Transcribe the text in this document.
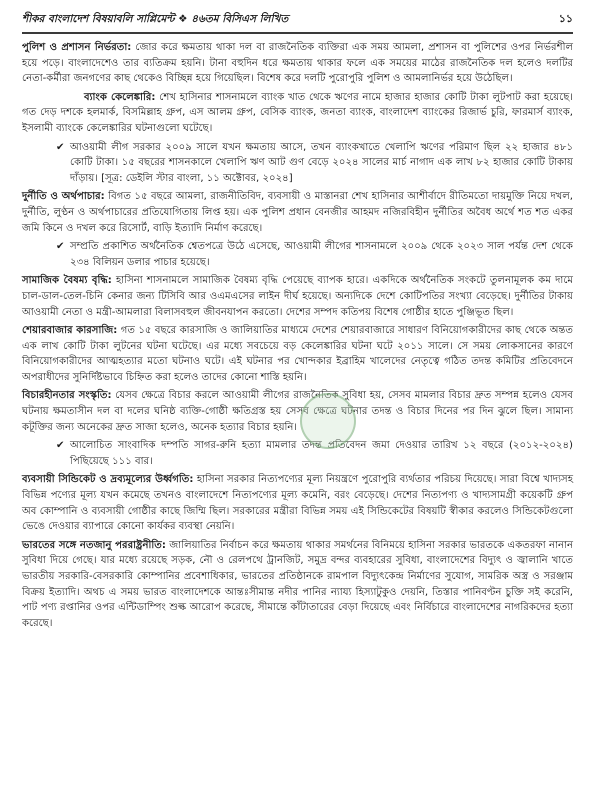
শীকর বাংলাদেশ বিষয়াবলি সাপ্লিমেন্ট ❖ ৪৬তম বিসিএস লিখিত	১১

পুলিশ ও প্রশাসন নির্ভরতা: জোর করে ক্ষমতায় থাকা দল বা রাজনৈতিক ব্যক্তিরা এক সময় আমলা, প্রশাসন বা পুলিশের ওপর নির্ভরশীল হয়ে পড়ে। বাংলাদেশেও তার ব্যতিক্রম হয়নি। টানা বহুদিন ধরে ক্ষমতায় থাকার ফলে এক সময়ের মাঠের রাজনৈতিক দল হলেও দলটির নেতা-কর্মীরা জনগণের কাছ থেকেও বিচ্ছিন্ন হয়ে গিয়েছিল। বিশেষ করে দলটি পুরোপুরি পুলিশ ও আমলানির্ভর হয়ে উঠেছিল।

ব্যাংক কেলেঙ্কারি: শেখ হাসিনার শাসনামলে ব্যাংক খাত থেকে ঋণের নামে হাজার হাজার কোটি টাকা লুটপাট করা হয়েছে। গত দেড় দশকে হলমার্ক, বিসমিল্লাহ গ্রুপ, এস আলম গ্রুপ, বেসিক ব্যাংক, জনতা ব্যাংক, বাংলাদেশ ব্যাংকের রিজার্ভ চুরি, ফারমার্স ব্যাংক, ইসলামী ব্যাংকে কেলেঙ্কারির ঘটনাগুলো ঘটেছে।

✔ আওয়ামী লীগ সরকার ২০০৯ সালে যখন ক্ষমতায় আসে, তখন ব্যাংকখাতে খেলাপি ঋণের পরিমাণ ছিল ২২ হাজার ৪৮১ কোটি টাকা। ১৫ বছরের শাসনকালে খেলাপি ঋণ আট গুণ বেড়ে ২০২৪ সালের মার্চ নাগাদ এক লাখ ৮২ হাজার কোটি টাকায় দাঁড়ায়। [সূত্র: ডেইলি স্টার বাংলা, ১১ অক্টোবর, ২০২৪]

দুর্নীতি ও অর্থপাচার: বিগত ১৫ বছরে আমলা, রাজনীতিবিদ, ব্যবসায়ী ও মাস্তানরা শেখ হাসিনার আশীর্বাদে রীতিমতো দায়মুক্তি নিয়ে দখল, দুর্নীতি, লুণ্ঠন ও অর্থপাচারের প্রতিযোগিতায় লিপ্ত হয়। এক পুলিশ প্রধান বেনজীর আহমদ নজিরবিহীন দুর্নীতির অবৈধ অর্থে শত শত একর জমি কিনে ও দখল করে রিসোর্ট, বাড়ি ইত্যাদি নির্মাণ করেছে।

✔ সম্প্রতি প্রকাশিত অর্থনৈতিক শ্বেতপত্রে উঠে এসেছে, আওয়ামী লীগের শাসনামলে ২০০৯ থেকে ২০২৩ সাল পর্যন্ত দেশ থেকে ২৩৪ বিলিয়ন ডলার পাচার হয়েছে।

সামাজিক বৈষম্য বৃদ্ধি: হাসিনা শাসনামলে সামাজিক বৈষম্য বৃদ্ধি পেয়েছে ব্যাপক হারে। একদিকে অর্থনৈতিক সংকটে তুলনামূলক কম দামে চাল-ডাল-তেল-চিনি কেনার জন্য টিসিবি আর ওএমএসের লাইন দীর্ঘ হয়েছে। অন্যদিকে দেশে কোটিপতির সংখ্যা বেড়েছে। দুর্নীতির টাকায় আওয়ামী নেতা ও মন্ত্রী-আমলারা বিলাসবহুল জীবনযাপন করতো। দেশের সম্পদ কতিপয় বিশেষ গোষ্ঠীর হাতে পুঞ্জিভূত ছিল।

শেয়ারবাজার কারসাজি: গত ১৫ বছরে কারসাজি ও জালিয়াতির মাধ্যমে দেশের শেয়ারবাজারে সাধারণ বিনিয়োগকারীদের কাছ থেকে অন্তত এক লাখ কোটি টাকা লুটনের ঘটনা ঘটেছে। এর মধ্যে সবচেয়ে বড় কেলেঙ্কারির ঘটনা ঘটে ২০১১ সালে। সে সময় লোকসানের কারণে বিনিয়োগকারীদের আত্মহত্যার মতো ঘটনাও ঘটে। এই ঘটনার পর খোন্দকার ইব্রাহিম খালেদের নেতৃত্বে গঠিত তদন্ত কমিটির প্রতিবেদনে অপরাধীদের সুনির্দিষ্টভাবে চিহ্নিত করা হলেও তাদের কোনো শাস্তি হয়নি।

বিচারহীনতার সংস্কৃতি: যেসব ক্ষেত্রে বিচার করলে আওয়ামী লীগের রাজনৈতিক সুবিধা হয়, সেসব মামলার বিচার দ্রুত সম্পন্ন হলেও যেসব ঘটনায় ক্ষমতাসীন দল বা দলের ঘনিষ্ঠ ব্যক্তি-গোষ্ঠী ক্ষতিগ্রস্ত হয় সেসব ক্ষেত্রে ঘটনার তদন্ত ও বিচার দিনের পর দিন ঝুলে ছিল। সামান্য কটূক্তির জন্য অনেকের দ্রুত সাজা হলেও, অনেক হত্যার বিচার হয়নি।

✔ আলোচিত সাংবাদিক দম্পতি সাগর-রুনি হত্যা মামলার তদন্ত প্রতিবেদন জমা দেওয়ার তারিখ ১২ বছরে (২০১২-২০২৪) পিছিয়েছে ১১১ বার।

ব্যবসায়ী সিন্ডিকেট ও দ্রব্যমূল্যের উর্ধ্বগতি: হাসিনা সরকার নিত্যপণ্যের মূল্য নিয়ন্ত্রণে পুরোপুরি ব্যর্থতার পরিচয় দিয়েছে। সারা বিশ্বে খাদ্যসহ বিভিন্ন পণ্যের মূল্য যখন কমেছে তখনও বাংলাদেশে নিত্যপণ্যের মূল্য কমেনি, বরং বেড়েছে। দেশের নিত্যপণ্য ও খাদ্যসামগ্রী কয়েকটি গ্রুপ অব কোম্পানি ও ব্যবসায়ী গোষ্ঠীর কাছে জিম্মি ছিল। সরকারের মন্ত্রীরা বিভিন্ন সময় এই সিন্ডিকেটের বিষয়টি স্বীকার করলেও সিন্ডিকেটগুলো ভেঙে দেওয়ার ব্যাপারে কোনো কার্যকর ব্যবস্থা নেয়নি।

ভারতের সঙ্গে নতজানু পররাষ্ট্রনীতি: জালিয়াতির নির্বাচন করে ক্ষমতায় থাকার সমর্থনের বিনিময়ে হাসিনা সরকার ভারতকে একতরফা নানান সুবিধা দিয়ে গেছে। যার মধ্যে রয়েছে সড়ক, নৌ ও রেলপথে ট্রানজিট, সমুদ্র বন্দর ব্যবহারের সুবিধা, বাংলাদেশের বিদ্যুৎ ও জ্বালানি খাতে ভারতীয় সরকারি-বেসরকারি কোম্পানির প্রবেশাধিকার, ভারতের প্রতিষ্ঠানকে রামপাল বিদ্যুৎকেন্দ্র নির্মাণের সুযোগ, সামরিক অস্ত্র ও সরঞ্জাম বিক্রয় ইত্যাদি। অথচ এ সময় ভারত বাংলাদেশকে আন্তঃসীমান্ত নদীর পানির ন্যায্য হিস্যাটুকুও দেয়নি, তিস্তার পানিবণ্টন চুক্তি সই করেনি, পাট পণ্য রপ্তানির ওপর এন্টিডাম্পিং শুল্ক আরোপ করেছে, সীমান্তে কাঁটাতারের বেড়া দিয়েছে এবং নির্বিচারে বাংলাদেশের নাগরিকদের হত্যা করেছে।
